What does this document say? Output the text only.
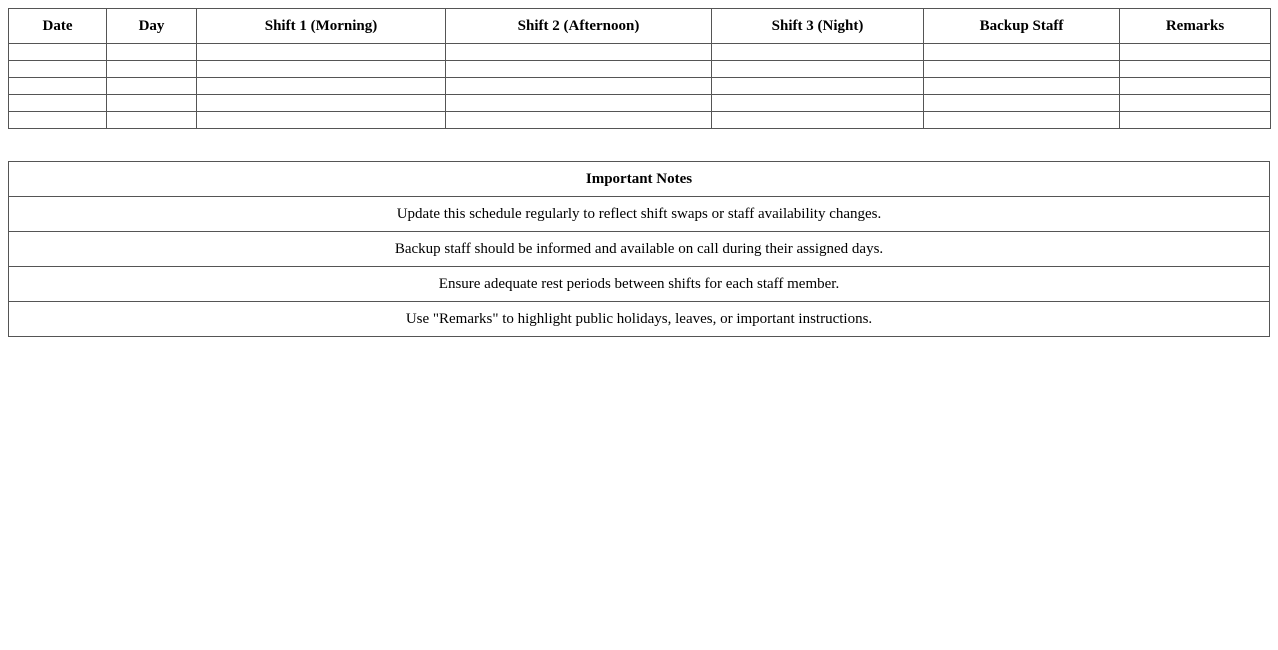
Date	Day	Shift 1 (Morning)	Shift 2 (Afternoon)	Shift 3 (Night)	Backup Staff	Remarks

Important Notes
Update this schedule regularly to reflect shift swaps or staff availability changes.
Backup staff should be informed and available on call during their assigned days.
Ensure adequate rest periods between shifts for each staff member.
Use "Remarks" to highlight public holidays, leaves, or important instructions.
